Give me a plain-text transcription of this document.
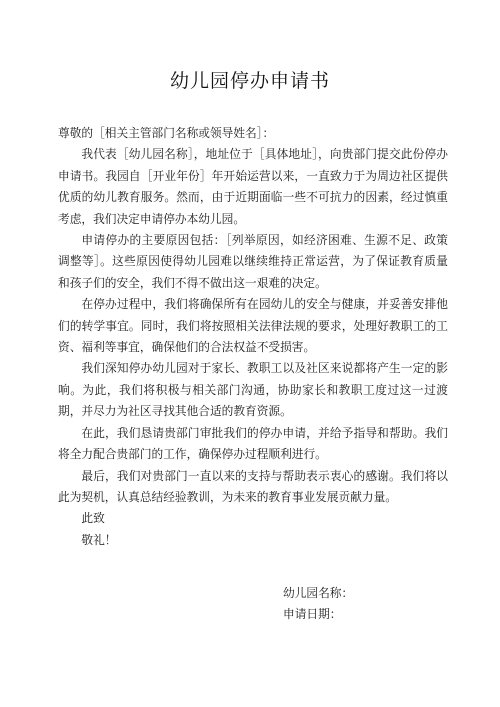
幼儿园停办申请书

尊敬的［相关主管部门名称或领导姓名］：

我代表［幼儿园名称］，地址位于［具体地址］，向贵部门提交此份停办申请书。我园自［开业年份］年开始运营以来，一直致力于为周边社区提供优质的幼儿教育服务。然而，由于近期面临一些不可抗力的因素，经过慎重考虑，我们决定申请停办本幼儿园。

申请停办的主要原因包括：［列举原因，如经济困难、生源不足、政策调整等］。这些原因使得幼儿园难以继续维持正常运营，为了保证教育质量和孩子们的安全，我们不得不做出这一艰难的决定。

在停办过程中，我们将确保所有在园幼儿的安全与健康，并妥善安排他们的转学事宜。同时，我们将按照相关法律法规的要求，处理好教职工的工资、福利等事宜，确保他们的合法权益不受损害。

我们深知停办幼儿园对于家长、教职工以及社区来说都将产生一定的影响。为此，我们将积极与相关部门沟通，协助家长和教职工度过这一过渡期，并尽力为社区寻找其他合适的教育资源。

在此，我们恳请贵部门审批我们的停办申请，并给予指导和帮助。我们将全力配合贵部门的工作，确保停办过程顺利进行。

最后，我们对贵部门一直以来的支持与帮助表示衷心的感谢。我们将以此为契机，认真总结经验教训，为未来的教育事业发展贡献力量。

此致

敬礼！

幼儿园名称：

申请日期：
